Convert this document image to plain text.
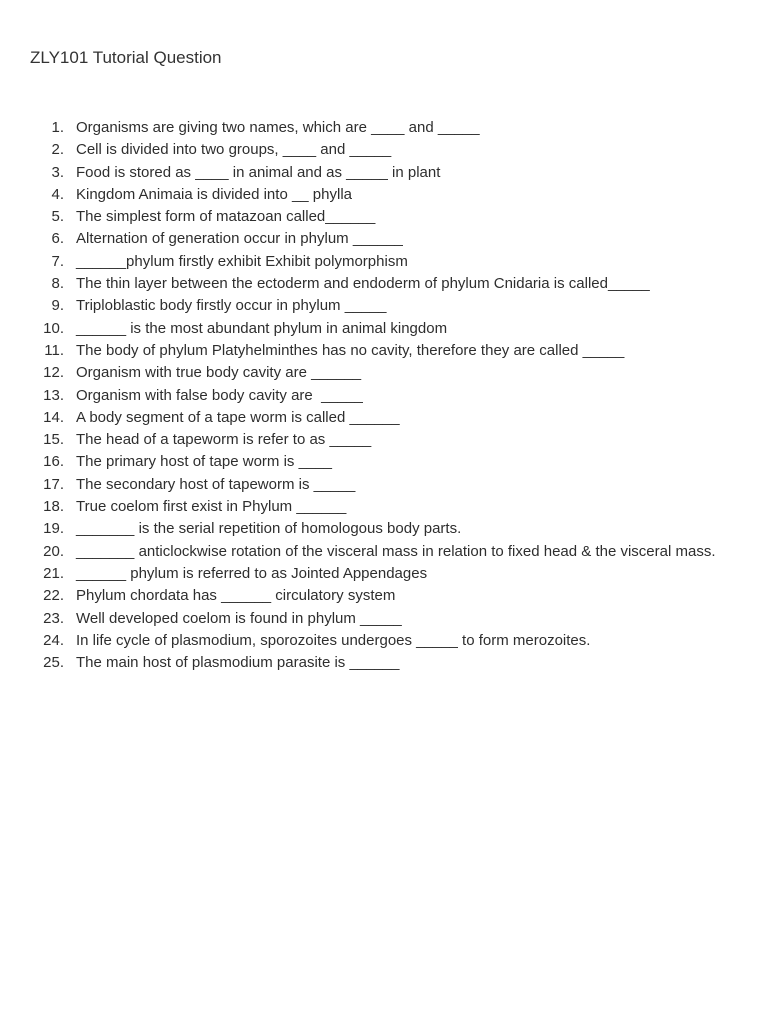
ZLY101 Tutorial Question
1. Organisms are giving two names, which are ____ and _____
2. Cell is divided into two groups, ____ and _____
3. Food is stored as ____ in animal and as _____ in plant
4. Kingdom Animaia is divided into __ phylla
5. The simplest form of matazoan called______
6. Alternation of generation occur in phylum ______
7. ______phylum firstly exhibit Exhibit polymorphism
8. The thin layer between the ectoderm and endoderm of phylum Cnidaria is called_____
9. Triploblastic body firstly occur in phylum _____
10. ______ is the most abundant phylum in animal kingdom
11. The body of phylum Platyhelminthes has no cavity, therefore they are called _____
12. Organism with true body cavity are ______
13. Organism with false body cavity are  _____
14. A body segment of a tape worm is called ______
15. The head of a tapeworm is refer to as _____
16. The primary host of tape worm is ____
17. The secondary host of tapeworm is _____
18. True coelom first exist in Phylum ______
19. _______ is the serial repetition of homologous body parts.
20. _______ anticlockwise rotation of the visceral mass in relation to fixed head & the visceral mass.
21. ______ phylum is referred to as Jointed Appendages
22. Phylum chordata has ______ circulatory system
23. Well developed coelom is found in phylum _____
24. In life cycle of plasmodium, sporozoites undergoes _____ to form merozoites.
25. The main host of plasmodium parasite is ______
